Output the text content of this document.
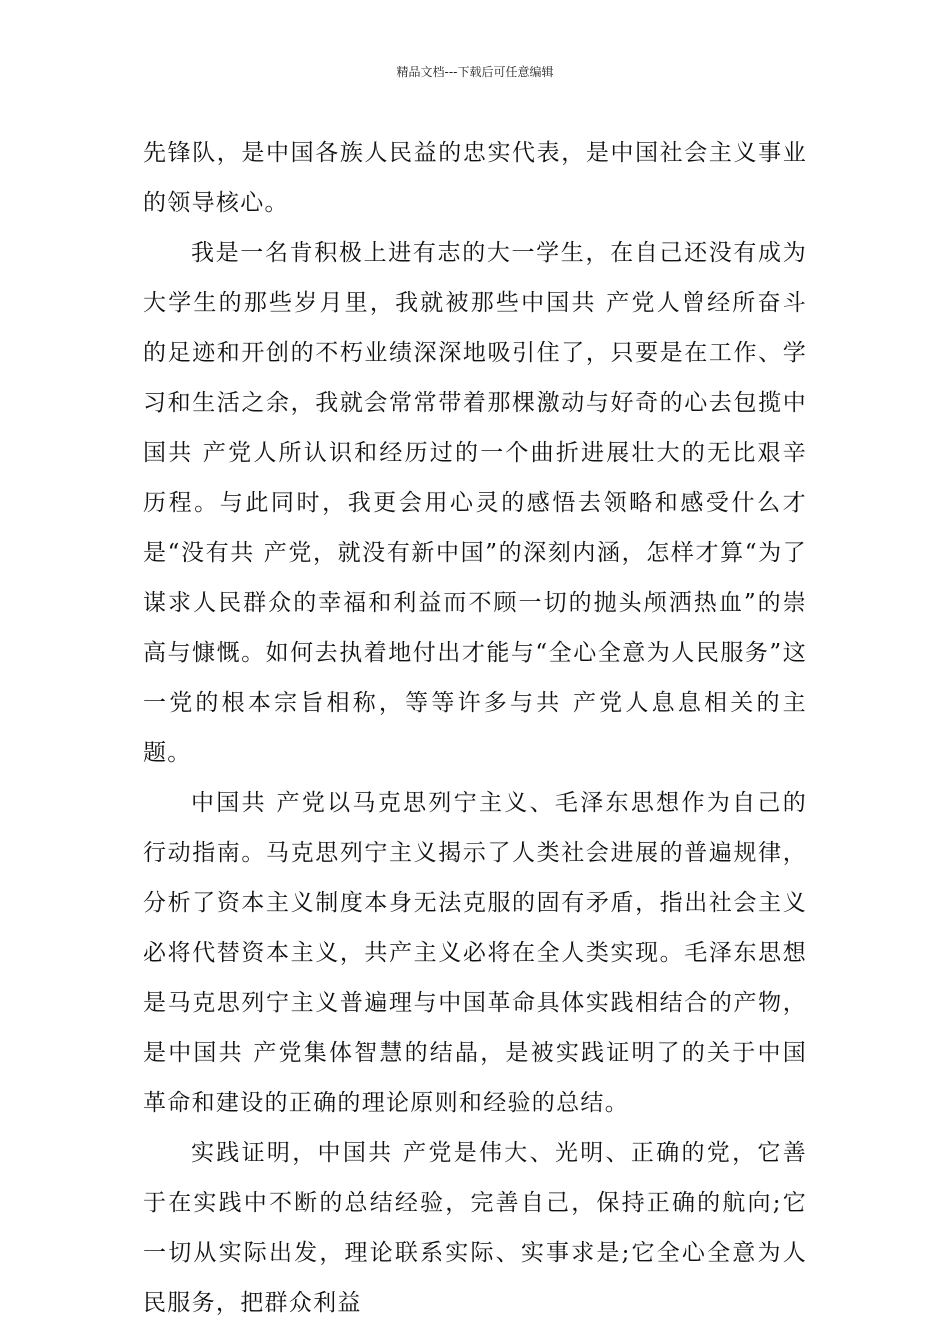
精品文档---下载后可任意编辑

先锋队，是中国各族人民益的忠实代表，是中国社会主义事业的领导核心。

我是一名肯积极上进有志的大一学生，在自己还没有成为大学生的那些岁月里，我就被那些中国共 产党人曾经所奋斗的足迹和开创的不朽业绩深深地吸引住了，只要是在工作、学习和生活之余，我就会常常带着那棵激动与好奇的心去包揽中国共 产党人所认识和经历过的一个曲折进展壮大的无比艰辛历程。与此同时，我更会用心灵的感悟去领略和感受什么才是“没有共 产党，就没有新中国”的深刻内涵，怎样才算“为了谋求人民群众的幸福和利益而不顾一切的抛头颅洒热血”的崇高与慷慨。如何去执着地付出才能与“全心全意为人民服务”这一党的根本宗旨相称，等等许多与共 产党人息息相关的主题。

中国共 产党以马克思列宁主义、毛泽东思想作为自己的行动指南。马克思列宁主义揭示了人类社会进展的普遍规律，分析了资本主义制度本身无法克服的固有矛盾，指出社会主义必将代替资本主义，共产主义必将在全人类实现。毛泽东思想是马克思列宁主义普遍理与中国革命具体实践相结合的产物，是中国共 产党集体智慧的结晶，是被实践证明了的关于中国革命和建设的正确的理论原则和经验的总结。

实践证明，中国共 产党是伟大、光明、正确的党，它善于在实践中不断的总结经验，完善自己，保持正确的航向;它一切从实际出发，理论联系实际、实事求是;它全心全意为人民服务，把群众利益
